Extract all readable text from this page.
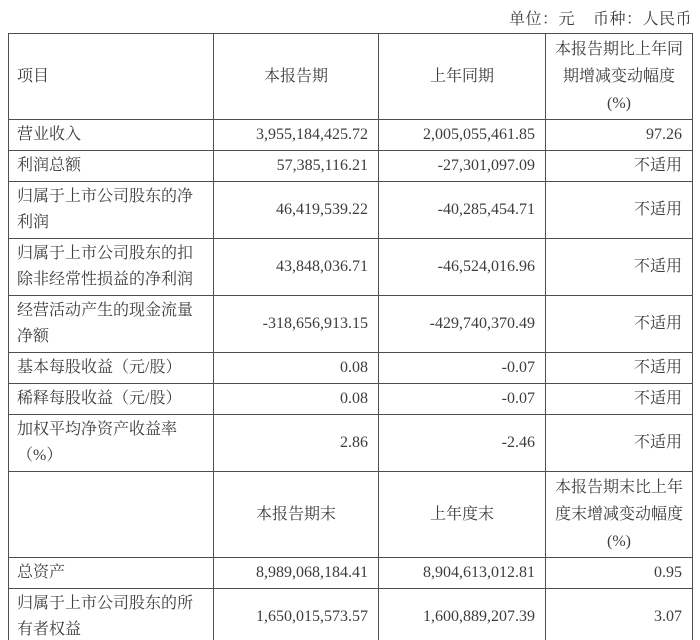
单位：元 币种：人民币
项目	本报告期	上年同期	本报告期比上年同期增减变动幅度(%)
营业收入	3,955,184,425.72	2,005,055,461.85	97.26
利润总额	57,385,116.21	-27,301,097.09	不适用
归属于上市公司股东的净利润	46,419,539.22	-40,285,454.71	不适用
归属于上市公司股东的扣除非经常性损益的净利润	43,848,036.71	-46,524,016.96	不适用
经营活动产生的现金流量净额	-318,656,913.15	-429,740,370.49	不适用
基本每股收益（元/股）	0.08	-0.07	不适用
稀释每股收益（元/股）	0.08	-0.07	不适用
加权平均净资产收益率（%）	2.86	-2.46	不适用
	本报告期末	上年度末	本报告期末比上年度末增减变动幅度(%)
总资产	8,989,068,184.41	8,904,613,012.81	0.95
归属于上市公司股东的所有者权益	1,650,015,573.57	1,600,889,207.39	3.07
